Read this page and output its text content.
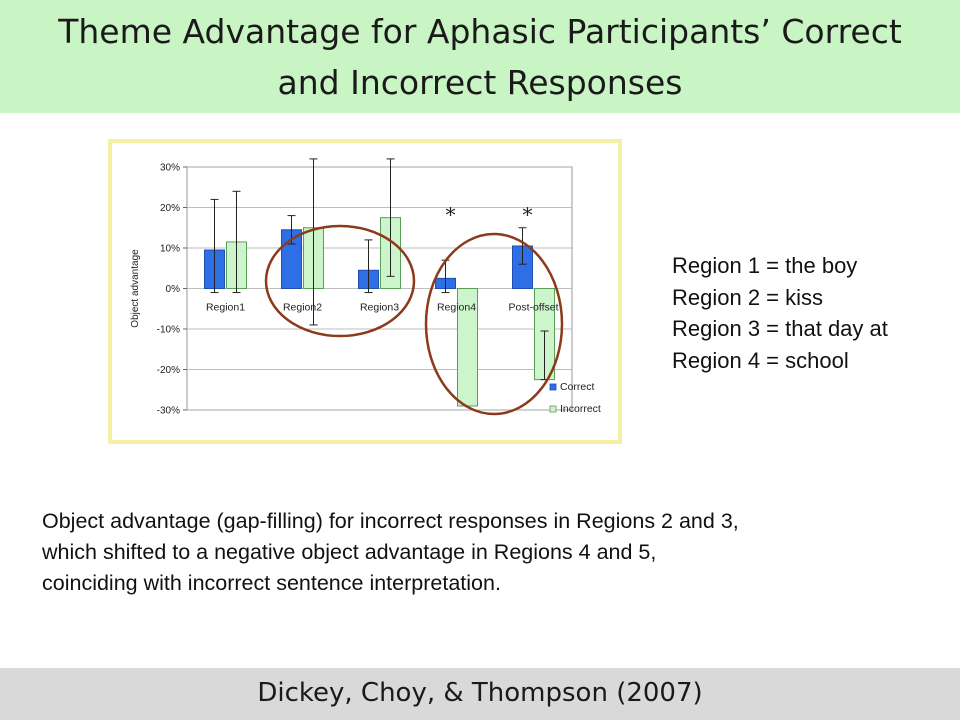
Theme Advantage for Aphasic Participants’ Correct
and Incorrect Responses
30%
20%
10%
0%
-10%
-20%
-30%
Object advantage	Region1	Region2	Region3	Region4
*
Post-offset
*
Correct
Incorrect
Region 1 = the boy
Region 2 = kiss
Region 3 = that day at
Region 4 = school
Object advantage (gap-filling) for incorrect responses in Regions 2 and 3,
which shifted to a negative object advantage in Regions 4 and 5,
coinciding with incorrect sentence interpretation.
Dickey, Choy, & Thompson (2007)
